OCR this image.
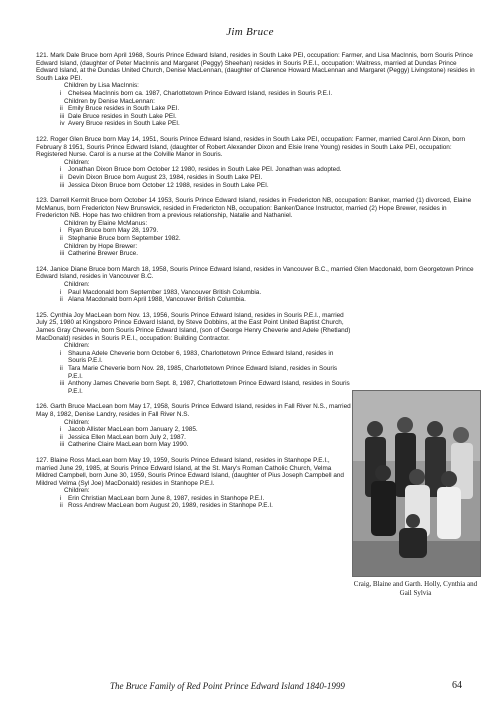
Jim Bruce

121. Mark Dale Bruce born April 1968, Souris Prince Edward Island, resides in South Lake PEI, occupation: Farmer, and Lisa MacInnis, born Souris Prince Edward Island, (daughter of Peter MacInnis and Margaret (Peggy) Sheehan) resides in Souris P.E.I., occupation: Waitress, married at Dundas Prince Edward Island, at the Dundas United Church, Denise MacLennan, (daughter of Clarence Howard MacLennan and Margaret (Peggy) Livingstone) resides in South Lake PEI.

Children by Lisa MacInnis:

iChelsea MacInnis born ca. 1987, Charlottetown Prince Edward Island, resides in Souris P.E.I.

Children by Denise MacLennan:

iiEmily Bruce resides in South Lake PEI.

iiiDale Bruce resides in South Lake PEI.

ivAvery Bruce resides in South Lake PEI.

122. Roger Glen Bruce born May 14, 1951, Souris Prince Edward Island, resides in South Lake PEI, occupation: Farmer, married Carol Ann Dixon, born February 8 1951, Souris Prince Edward Island, (daughter of Robert Alexander Dixon and Elsie Irene Young) resides in South Lake PEI, occupation: Registered Nurse. Carol is a nurse at the Colville Manor in Souris.

Children:

iJonathan Dixon Bruce born October 12 1980, resides in South Lake PEI. Jonathan was adopted.

iiDevin Dixon Bruce born August 23, 1984, resides in South Lake PEI.

iiiJessica Dixon Bruce born October 12 1988, resides in South Lake PEI.

123. Darrell Kermit Bruce born October 14 1953, Souris Prince Edward Island, resides in Fredericton NB, occupation: Banker, married (1) divorced, Elaine McManus, born Fredericton New Brunswick, resided in Fredericton NB, occupation: Banker/Dance Instructor, married (2) Hope Brewer, resides in Fredericton NB. Hope has two children from a previous relationship, Natalie and Nathaniel.

Children by Elaine McManus:

iRyan Bruce born May 28, 1979.

iiStephanie Bruce born September 1982.

Children by Hope Brewer:

iiiCatherine Brewer Bruce.

124. Janice Diane Bruce born March 18, 1958, Souris Prince Edward Island, resides in Vancouver B.C., married Glen Macdonald, born Georgetown Prince Edward Island, resides in Vancouver B.C.

Children:

iPaul Macdonald born September 1983, Vancouver British Columbia.

iiAlana Macdonald born April 1988, Vancouver British Columbia.

125. Cynthia Joy MacLean born Nov. 13, 1956, Souris Prince Edward Island, resides in Souris P.E.I., married July 25, 1980 at Kingsboro Prince Edward Island, by Steve Dobbins, at the East Point United Baptist Church, James Gray Cheverie, born Souris Prince Edward Island, (son of George Henry Cheverie and Adele (Rhetland) MacDonald) resides in Souris P.E.I., occupation: Building Contractor.

Children:

iShauna Adele Cheverie born October 6, 1983, Charlottetown Prince Edward Island, resides in Souris P.E.I.

iiTara Marie Cheverie born Nov. 28, 1985, Charlottetown Prince Edward Island, resides in Souris P.E.I.

iiiAnthony James Cheverie born Sept. 8, 1987, Charlottetown Prince Edward Island, resides in Souris P.E.I.

126. Garth Bruce MacLean born May 17, 1958, Souris Prince Edward Island, resides in Fall River N.S., married May 8, 1982, Denise Landry, resides in Fall River N.S.

Children:

iJacob Allister MacLean born January 2, 1985.

iiJessica Ellen MacLean born July 2, 1987.

iiiCatherine Claire MacLean born May 1990.

127. Blaine Ross MacLean born May 19, 1959, Souris Prince Edward Island, resides in Stanhope P.E.I., married June 29, 1985, at Souris Prince Edward Island, at the St. Mary's Roman Catholic Church, Velma Mildred Campbell, born June 30, 1959, Souris Prince Edward Island, (daughter of Pius Joseph Campbell and Mildred Velma (Syl Joe) MacDonald) resides in Stanhope P.E.I.

Children:

iErin Christian MacLean born June 8, 1987, resides in Stanhope P.E.I.

iiRoss Andrew MacLean born August 20, 1989, resides in Stanhope P.E.I.

Craig, Blaine and Garth. Holly, Cynthia and Gail Sylvia
The Bruce Family of Red Point Prince Edward Island 1840-1999	64
